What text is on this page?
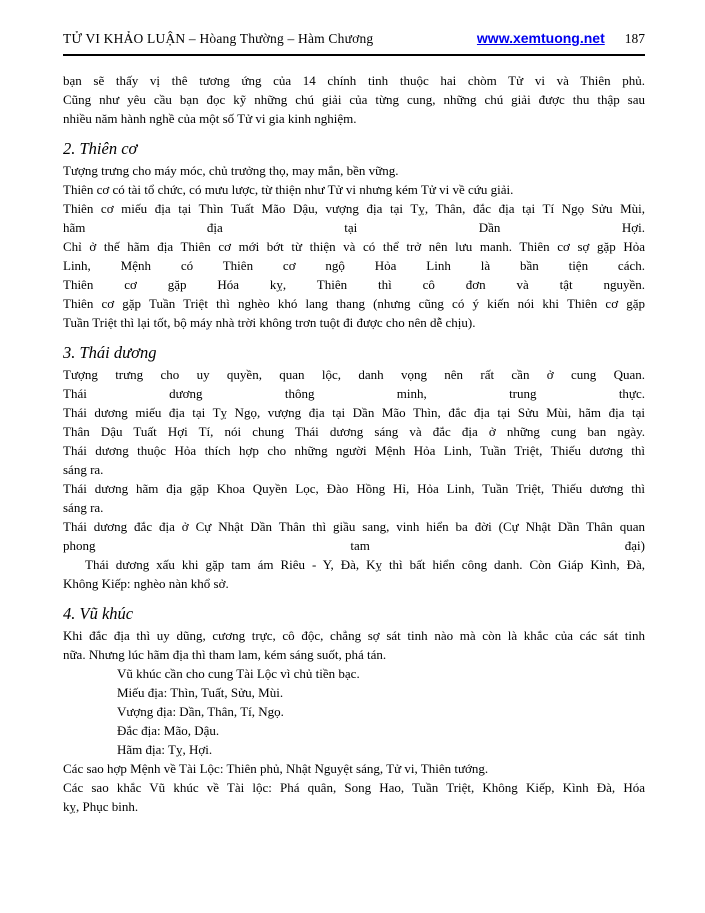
TỬ VI KHẢO LUẬN – Hòang Thường – Hàm Chương	www.xemtuong.net 187
bạn sẽ thấy vị thê tương ứng của 14 chính tinh thuộc hai chòm Tử vi và Thiên phủ.
Cũng như yêu cầu bạn đọc kỹ những chú giải của từng cung, những chú giải được thu thập sau
nhiều năm hành nghề của một số Tử vi gia kinh nghiệm.
2. Thiên cơ
Tượng trưng cho máy móc, chủ trưởng thọ, may mắn, bền vững.
Thiên cơ có tài tổ chức, có mưu lược, từ thiện như Tử vi nhưng kém Tử vi về cứu giải.
Thiên cơ miếu địa tại Thìn Tuất Mão Dậu, vượng địa tại Tỵ, Thân, đắc địa tại Tí Ngọ Sửu Mùi,
hãm địa tại Dần Hợi.
Chỉ ở thế hãm địa Thiên cơ mới bớt từ thiện và có thể trở nên lưu manh. Thiên cơ sợ gặp Hỏa
Linh, Mệnh có Thiên cơ ngộ Hỏa Linh là bần tiện cách.
Thiên cơ gặp Hóa kỵ, Thiên thì cô đơn và tật nguyền.
Thiên cơ gặp Tuần Triệt thì nghèo khó lang thang (nhưng cũng có ý kiến nói khi Thiên cơ gặp
Tuần Triệt thì lại tốt, bộ máy nhà trời không trơn tuột đi được cho nên dễ chịu).
3. Thái dương
Tượng trưng cho uy quyền, quan lộc, danh vọng nên rất cần ở cung Quan.
Thái dương thông minh, trung thực.
Thái dương miếu địa tại Tỵ Ngọ, vượng địa tại Dần Mão Thìn, đắc địa tại Sửu Mùi, hãm địa tại
Thân Dậu Tuất Hợi Tí, nói chung Thái dương sáng và đắc địa ở những cung ban ngày.
Thái dương thuộc Hỏa thích hợp cho những người Mệnh Hỏa Linh, Tuần Triệt, Thiếu dương thì
sáng ra.
Thái dương hãm địa gặp Khoa Quyền Lọc, Đào Hồng Hỉ, Hỏa Linh, Tuần Triệt, Thiếu dương thì
sáng ra.
Thái dương đắc địa ở Cự Nhật Dần Thân thì giầu sang, vinh hiển ba đời (Cự Nhật Dần Thân quan
phong tam đại)
Thái dương xấu khi gặp tam ám Riêu - Y, Đà, Kỵ thì bất hiển công danh. Còn Giáp Kình, Đà,
Không Kiếp: nghèo nàn khổ sở.
4. Vũ khúc
Khi đắc địa thì uy dũng, cương trực, cô độc, chẳng sợ sát tinh nào mà còn là khắc của các sát tinh
nữa. Nhưng lúc hãm địa thì tham lam, kém sáng suốt, phá tán.
Vũ khúc cần cho cung Tài Lộc vì chủ tiền bạc.
Miếu địa: Thìn, Tuất, Sửu, Mùi.
Vượng địa: Dần, Thân, Tí, Ngọ.
Đắc địa: Mão, Dậu.
Hãm địa: Tỵ, Hợi.
Các sao hợp Mệnh về Tài Lộc: Thiên phủ, Nhật Nguyệt sáng, Tử vi, Thiên tướng.
Các sao khắc Vũ khúc về Tài lộc: Phá quân, Song Hao, Tuần Triệt, Không Kiếp, Kình Đà, Hóa
kỵ, Phục binh.
